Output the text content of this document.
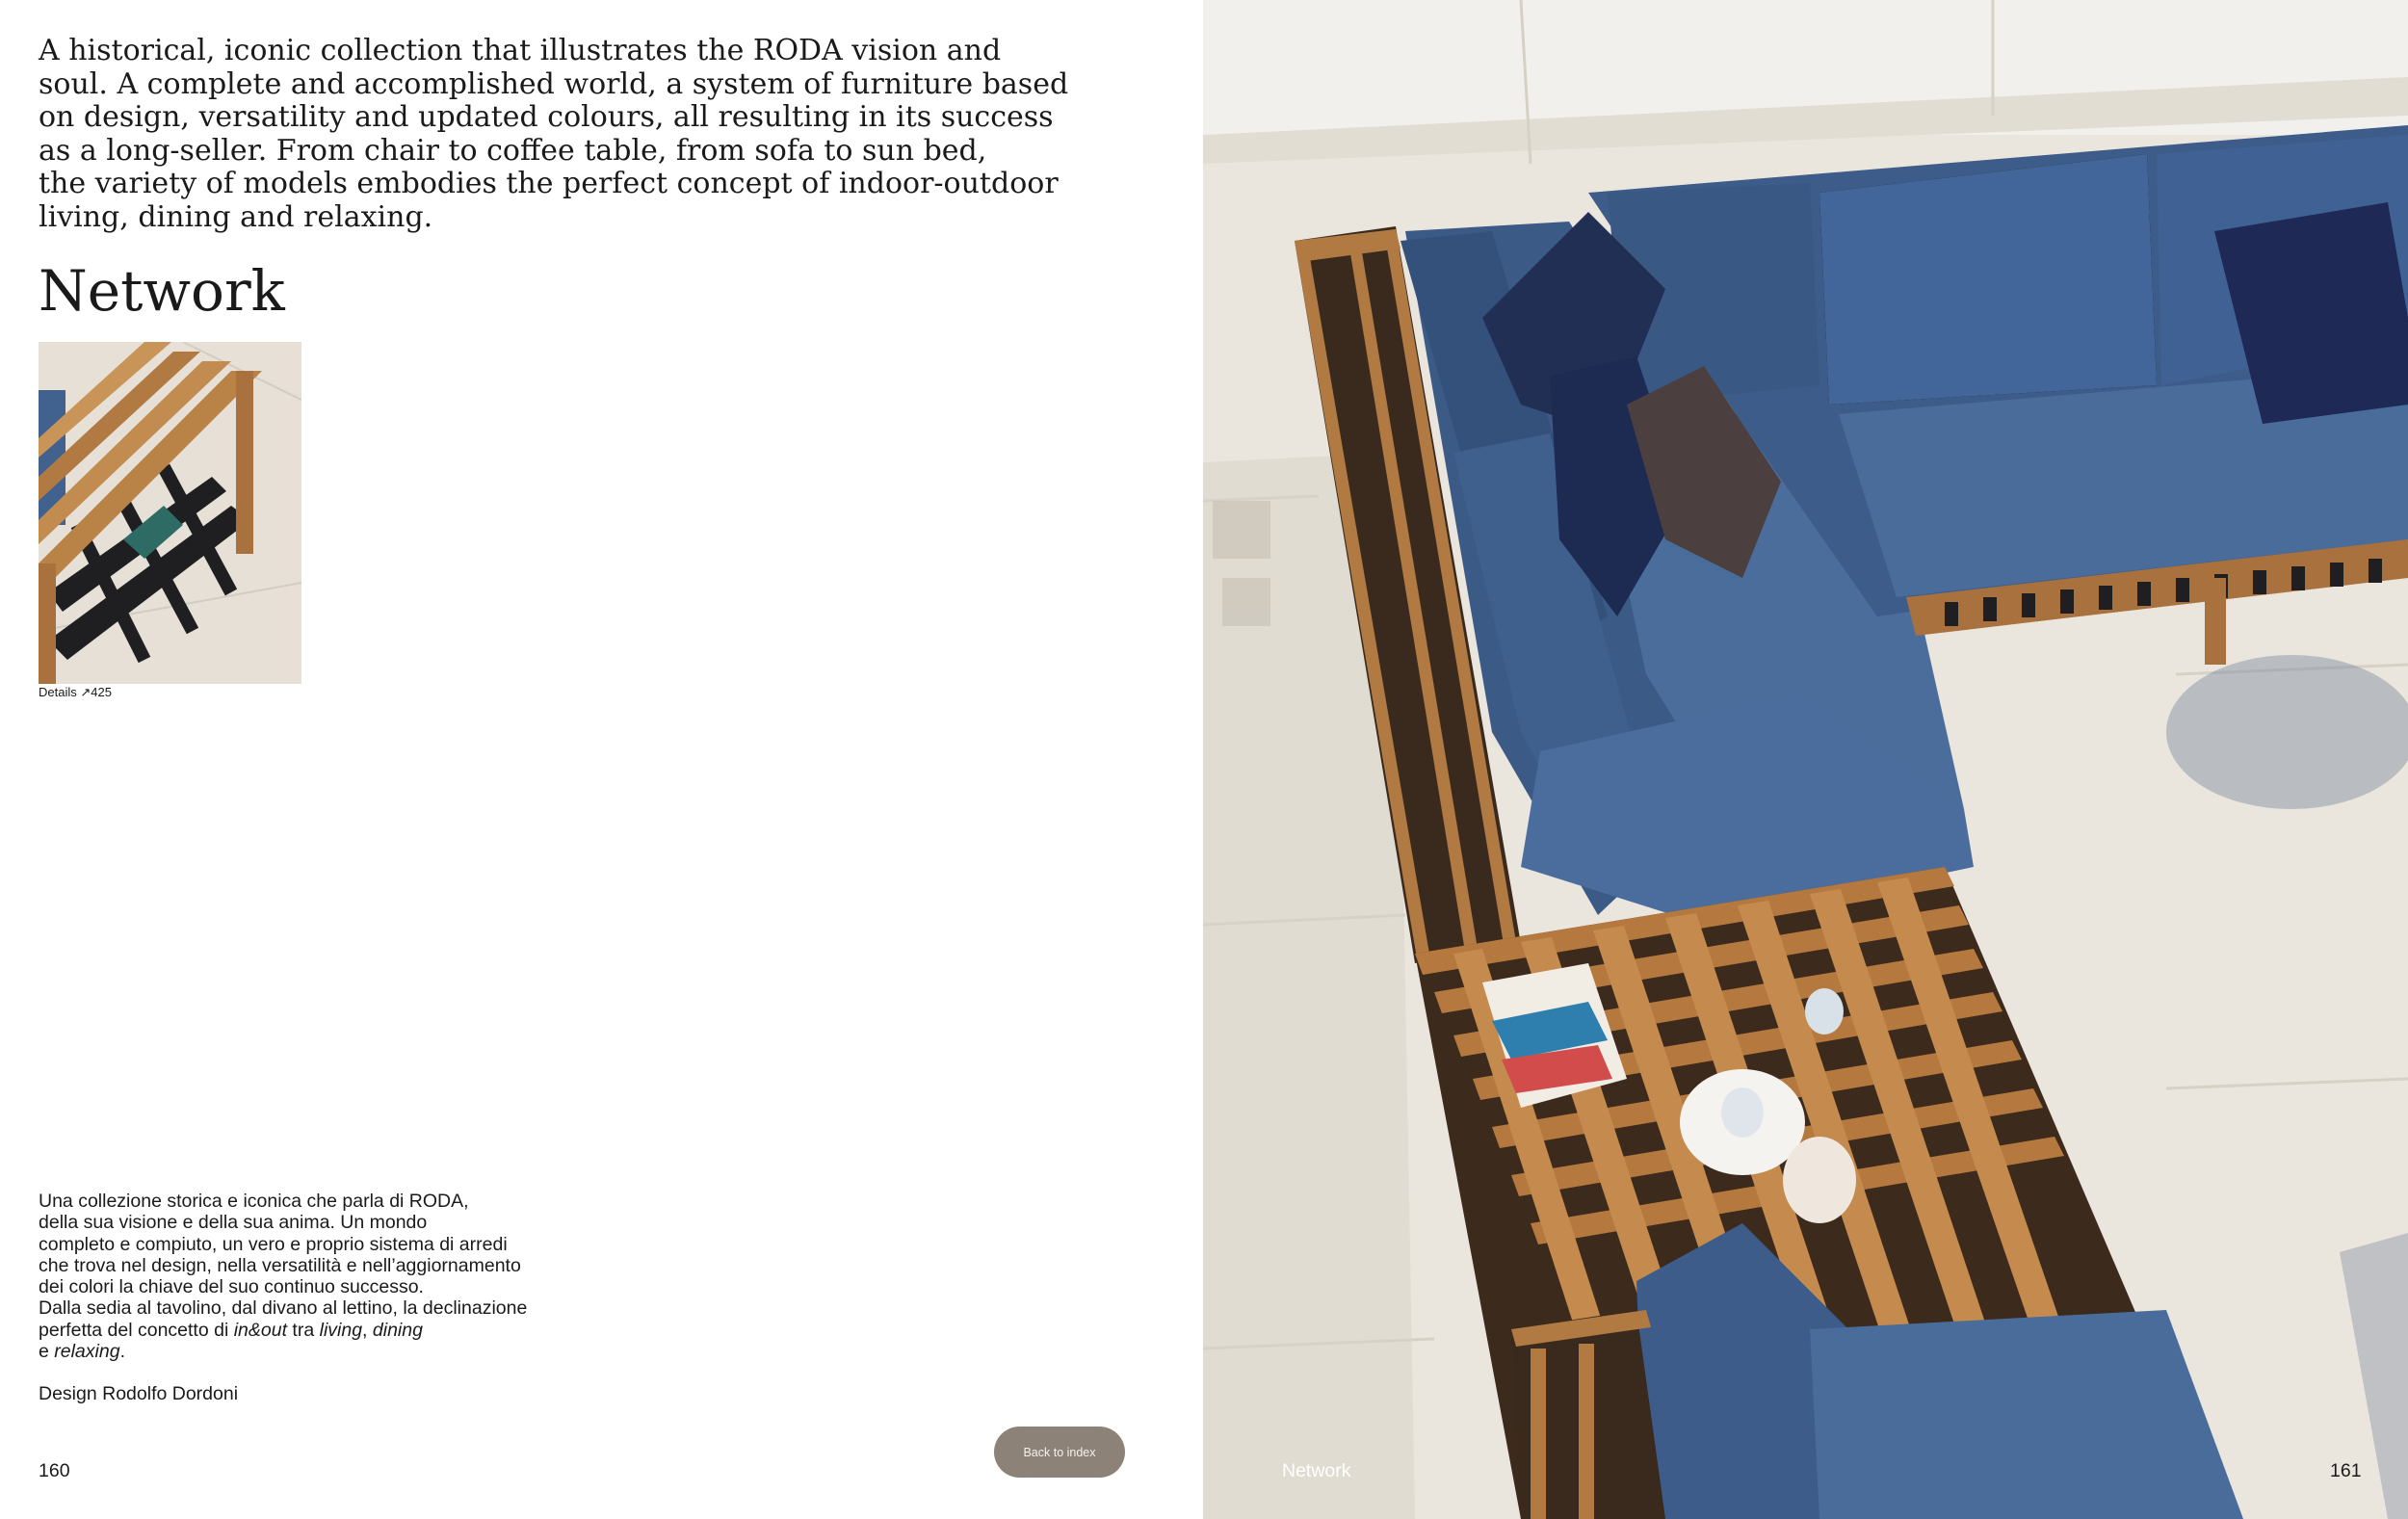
A historical, iconic collection that illustrates the RODA vision and
soul. A complete and accomplished world, a system of furniture based
on design, versatility and updated colours, all resulting in its success
as a long-seller. From chair to coffee table, from sofa to sun bed,
the variety of models embodies the perfect concept of indoor-outdoor
living, dining and relaxing.

Network
Details ↗425

Una collezione storica e iconica che parla di RODA,
della sua visione e della sua anima. Un mondo
completo e compiuto, un vero e proprio sistema di arredi
che trova nel design, nella versatilità e nell’aggiornamento
dei colori la chiave del suo continuo successo.
Dalla sedia al tavolino, dal divano al lettino, la declinazione
perfetta del concetto di in&out tra living, dining
e relaxing.

Design Rodolfo Dordoni

160
Back to index
Network	161
